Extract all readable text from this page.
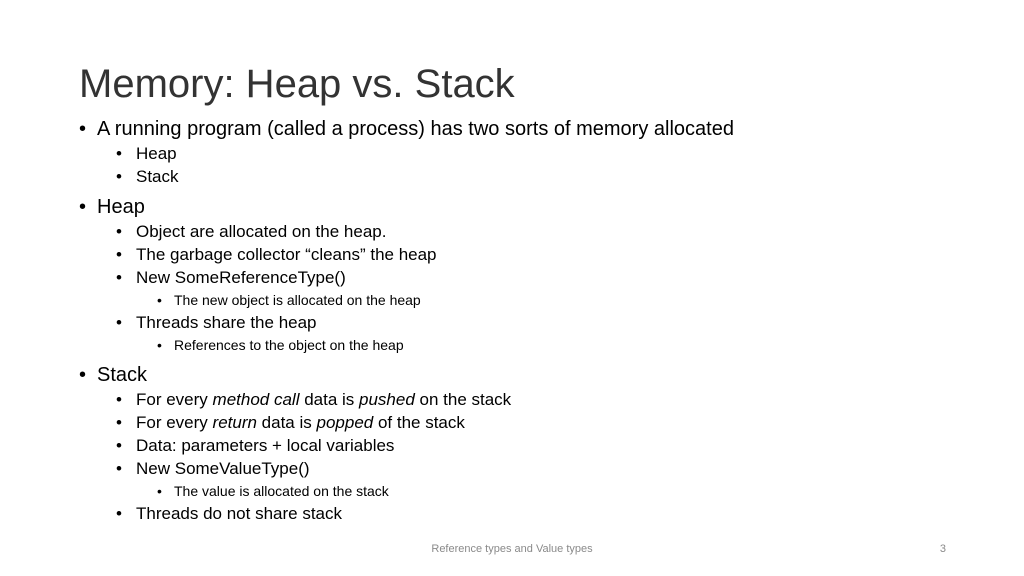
Memory: Heap vs. Stack
• A running program (called a process) has two sorts of memory allocated
• Heap
• Stack
• Heap
• Object are allocated on the heap.
• The garbage collector “cleans” the heap
• New SomeReferenceType()
• The new object is allocated on the heap
• Threads share the heap
• References to the object on the heap
• Stack
• For every method call data is pushed on the stack
• For every return data is popped of the stack
• Data: parameters + local variables
• New SomeValueType()
• The value is allocated on the stack
• Threads do not share stack
Reference types and Value types	3
